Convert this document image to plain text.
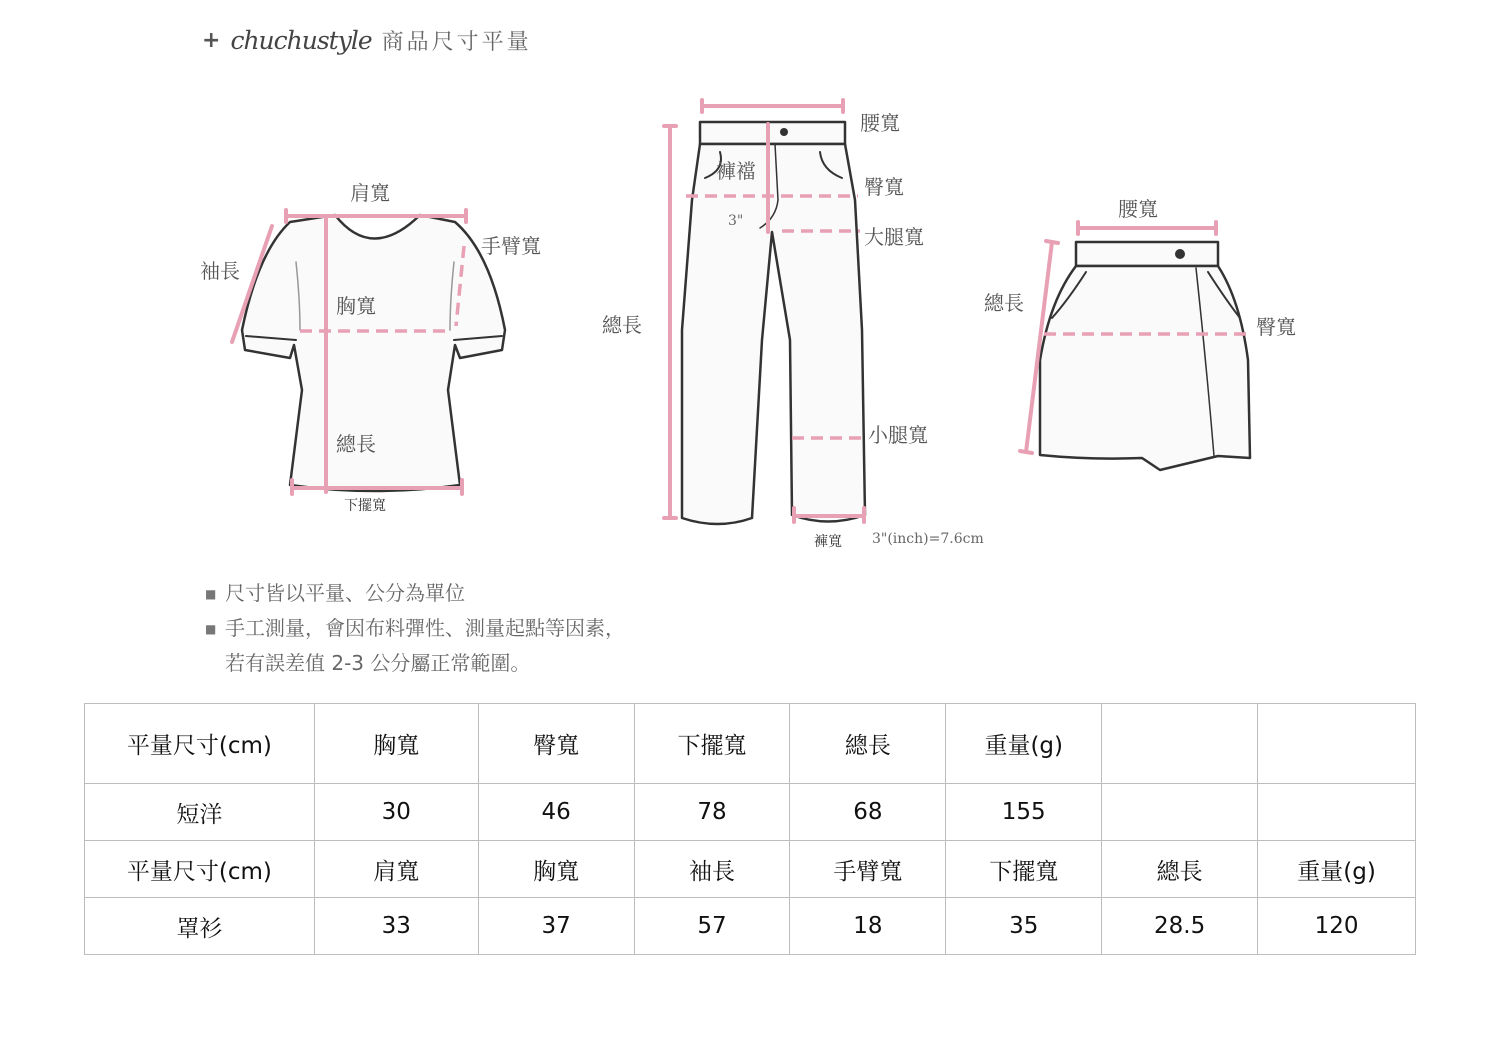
+ chuchustyle 商品尺寸平量
肩寬
手臂寬
袖長
胸寬
總長
下擺寬
腰寬
褲襠
臀寬
3"
大腿寬
總長
小腿寬
褲寬 3"(inch)=7.6cm
腰寬
總長
臀寬
■ 尺寸皆以平量、公分為單位
■ 手工測量，會因布料彈性、測量起點等因素，
若有誤差值 2-3 公分屬正常範圍。
平量尺寸(cm)	胸寬	臀寬	下擺寬	總長	重量(g)		
短洋	30	46	78	68	155		
平量尺寸(cm)	肩寬	胸寬	袖長	手臂寬	下擺寬	總長	重量(g)
罩衫	33	37	57	18	35	28.5	120
